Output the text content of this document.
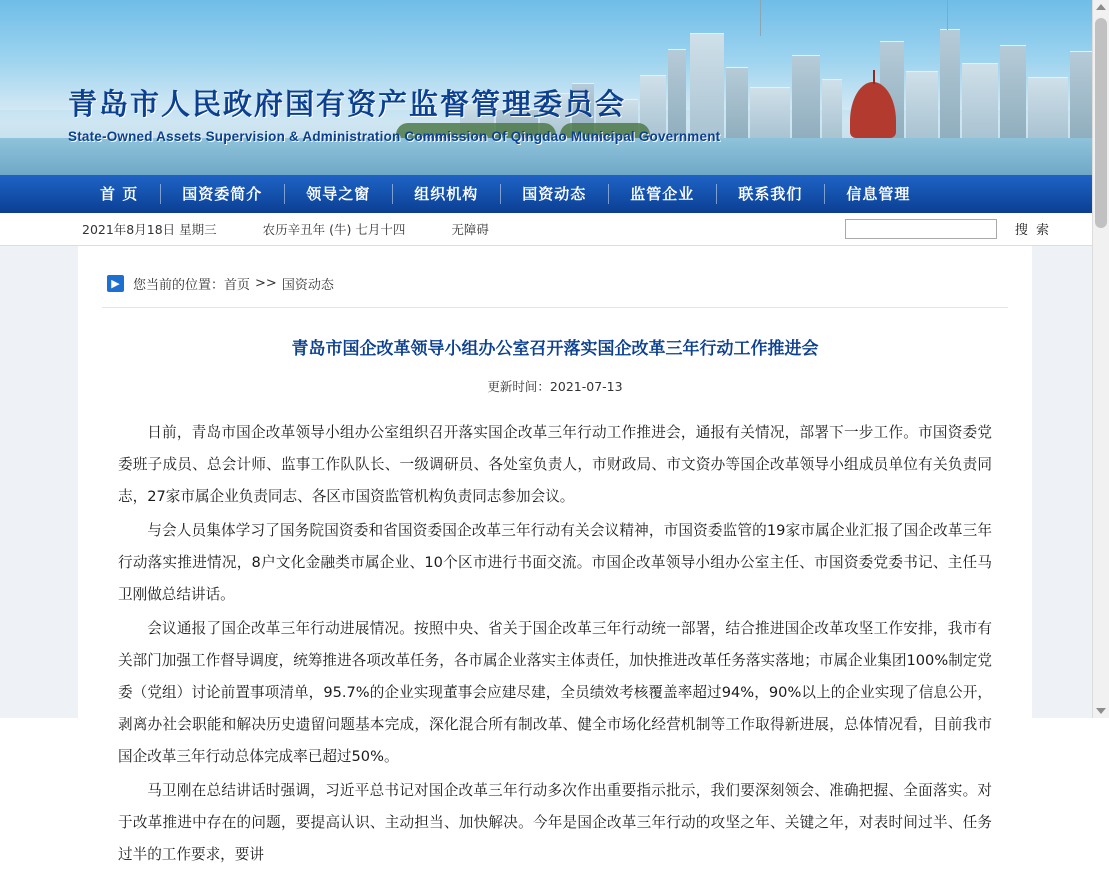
青岛市人民政府国有资产监督管理委员会
State-Owned Assets Supervision & Administration Commission Of Qingdao Municipal Government
首 页	国资委简介	领导之窗	组织机构	国资动态	监管企业	联系我们	信息管理
2021年8月18日 星期三	农历辛丑年 (牛) 七月十四	无障碍	搜 索
▶	您当前的位置： 首页 >> 国资动态
青岛市国企改革领导小组办公室召开落实国企改革三年行动工作推进会
更新时间：2021-07-13

日前，青岛市国企改革领导小组办公室组织召开落实国企改革三年行动工作推进会，通报有关情况，部署下一步工作。市国资委党委班子成员、总会计师、监事工作队队长、一级调研员、各处室负责人，市财政局、市文资办等国企改革领导小组成员单位有关负责同志，27家市属企业负责同志、各区市国资监管机构负责同志参加会议。

与会人员集体学习了国务院国资委和省国资委国企改革三年行动有关会议精神，市国资委监管的19家市属企业汇报了国企改革三年行动落实推进情况，8户文化金融类市属企业、10个区市进行书面交流。市国企改革领导小组办公室主任、市国资委党委书记、主任马卫刚做总结讲话。

会议通报了国企改革三年行动进展情况。按照中央、省关于国企改革三年行动统一部署，结合推进国企改革攻坚工作安排，我市有关部门加强工作督导调度，统筹推进各项改革任务，各市属企业落实主体责任，加快推进改革任务落实落地；市属企业集团100%制定党委（党组）讨论前置事项清单，95.7%的企业实现董事会应建尽建，全员绩效考核覆盖率超过94%，90%以上的企业实现了信息公开，剥离办社会职能和解决历史遗留问题基本完成，深化混合所有制改革、健全市场化经营机制等工作取得新进展，总体情况看，目前我市国企改革三年行动总体完成率已超过50%。

马卫刚在总结讲话时强调，习近平总书记对国企改革三年行动多次作出重要指示批示，我们要深刻领会、准确把握、全面落实。对于改革推进中存在的问题，要提高认识、主动担当、加快解决。今年是国企改革三年行动的攻坚之年、关键之年，对表时间过半、任务过半的工作要求，要讲
